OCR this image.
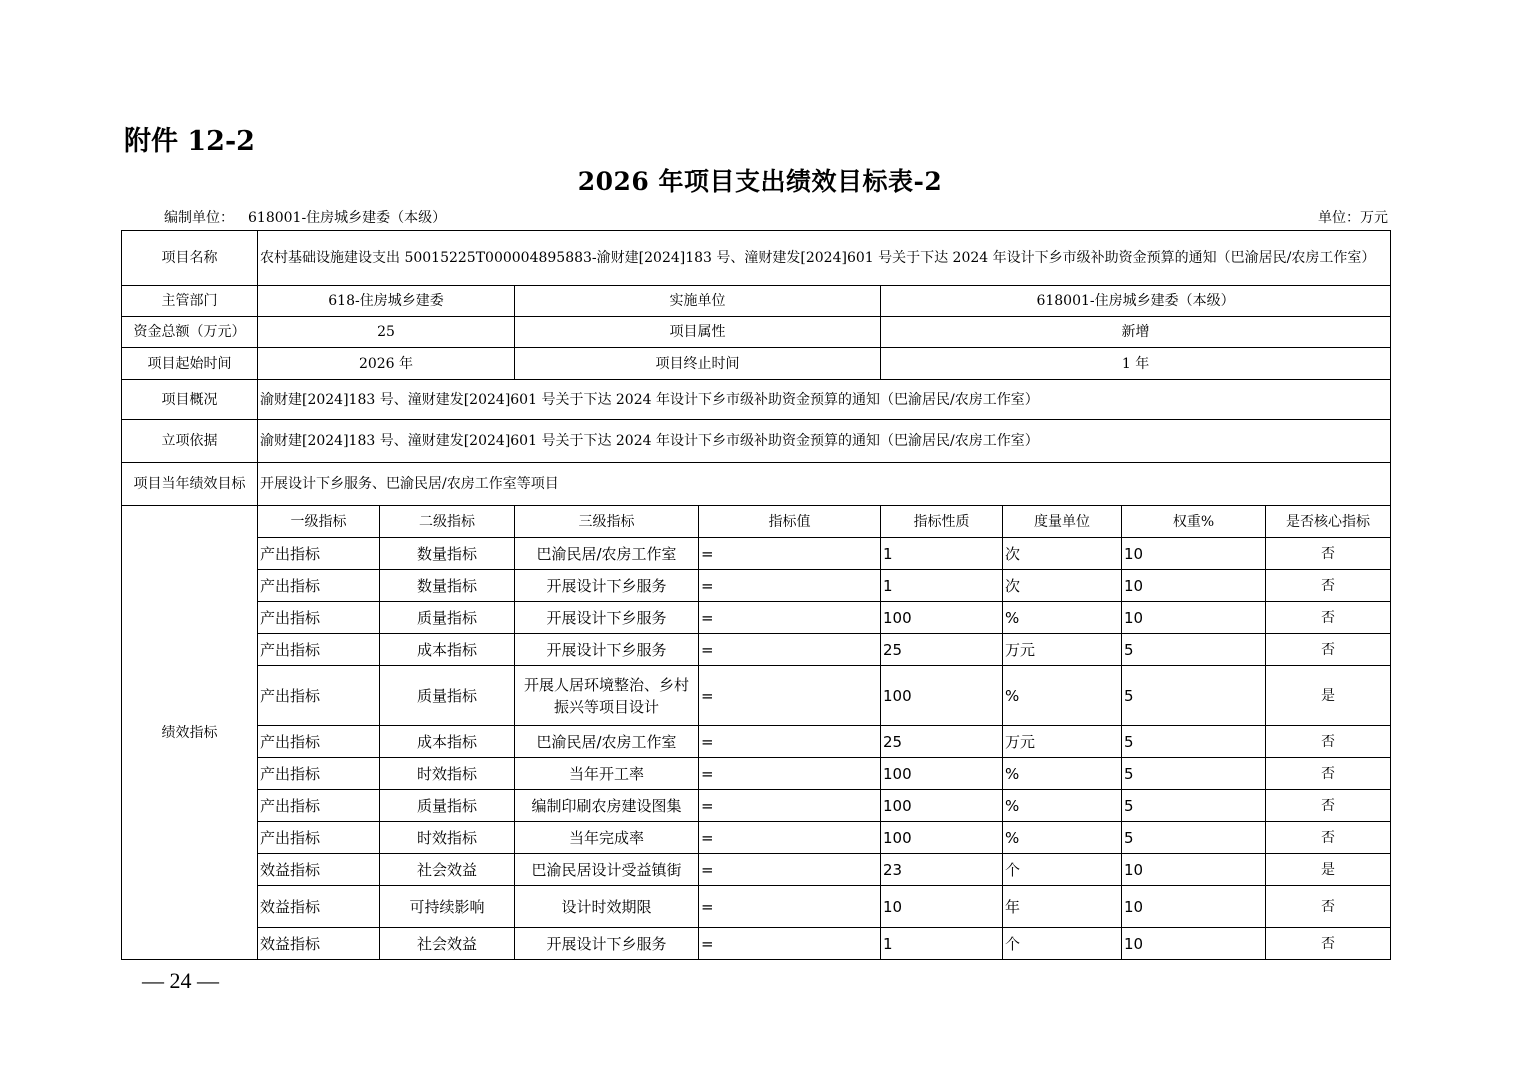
附件 12-2
2026 年项目支出绩效目标表-2
编制单位： 618001-住房城乡建委（本级）	单位：万元
项目名称	农村基础设施建设支出 50015225T000004895883-渝财建[2024]183 号、潼财建发[2024]601 号关于下达 2024 年设计下乡市级补助资金预算的通知（巴渝居民/农房工作室）							
主管部门	618-住房城乡建委		实施单位		618001-住房城乡建委（本级）			
资金总额（万元）	25		项目属性		新增			
项目起始时间	2026 年		项目终止时间		1 年			
项目概况	渝财建[2024]183 号、潼财建发[2024]601 号关于下达 2024 年设计下乡市级补助资金预算的通知（巴渝居民/农房工作室）							
立项依据	渝财建[2024]183 号、潼财建发[2024]601 号关于下达 2024 年设计下乡市级补助资金预算的通知（巴渝居民/农房工作室）							
项目当年绩效目标	开展设计下乡服务、巴渝民居/农房工作室等项目							
绩效指标	一级指标	二级指标	三级指标	指标值	指标性质	度量单位	权重%	是否核心指标
	产出指标	数量指标	巴渝民居/农房工作室	=	1	次	10	否
	产出指标	数量指标	开展设计下乡服务	=	1	次	10	否
	产出指标	质量指标	开展设计下乡服务	=	100	%	10	否
	产出指标	成本指标	开展设计下乡服务	=	25	万元	5	否
	产出指标	质量指标	开展人居环境整治、乡村振兴等项目设计	=	100	%	5	是
	产出指标	成本指标	巴渝民居/农房工作室	=	25	万元	5	否
	产出指标	时效指标	当年开工率	=	100	%	5	否
	产出指标	质量指标	编制印刷农房建设图集	=	100	%	5	否
	产出指标	时效指标	当年完成率	=	100	%	5	否
	效益指标	社会效益	巴渝民居设计受益镇街	=	23	个	10	是
	效益指标	可持续影响	设计时效期限	=	10	年	10	否
	效益指标	社会效益	开展设计下乡服务	=	1	个	10	否
— 24 —
